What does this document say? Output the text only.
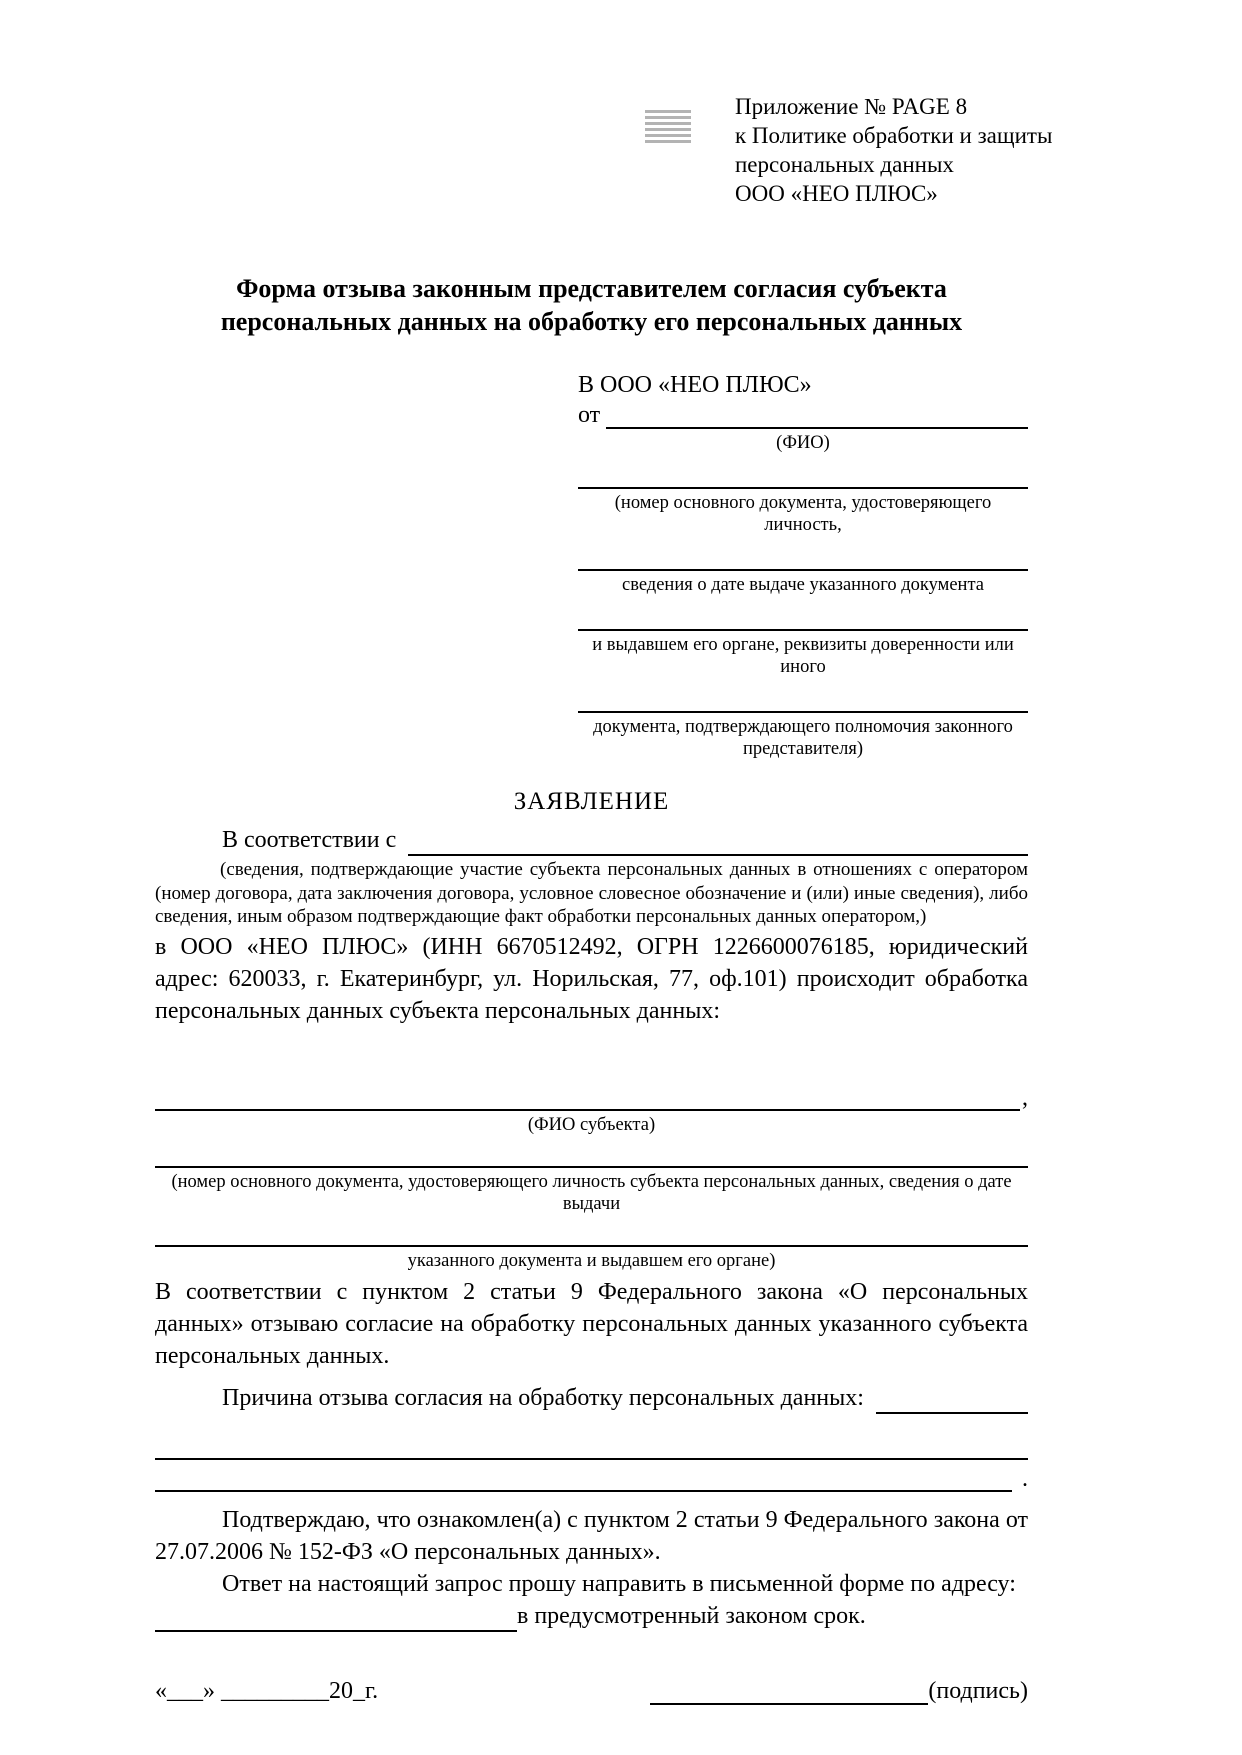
Приложение № PAGE 8
к Политике обработки и защиты
персональных данных
ООО «НЕО ПЛЮС»
Форма отзыва законным представителем согласия субъекта персональных данных на обработку его персональных данных
В ООО «НЕО ПЛЮС»
от
(ФИО)
(номер основного документа, удостоверяющего личность,
сведения о дате выдаче указанного документа
и выдавшем его органе, реквизиты доверенности или иного
документа, подтверждающего полномочия законного представителя)
ЗАЯВЛЕНИЕ
В соответствии с

(сведения, подтверждающие участие субъекта персональных данных в отношениях с оператором (номер договора, дата заключения договора, условное словесное обозначение и (или) иные сведения), либо сведения, иным образом подтверждающие факт обработки персональных данных оператором,)

в ООО «НЕО ПЛЮС» (ИНН 6670512492, ОГРН 1226600076185, юридический адрес: 620033, г. Екатеринбург, ул. Норильская, 77, оф.101) происходит обработка персональных данных субъекта персональных данных:

,
(ФИО субъекта)
(номер основного документа, удостоверяющего личность субъекта персональных данных, сведения о дате выдачи
указанного документа и выдавшем его органе)

В соответствии с пунктом 2 статьи 9 Федерального закона «О персональных данных» отзываю согласие на обработку персональных данных указанного субъекта персональных данных.

Причина отзыва согласия на обработку персональных данных:
.

Подтверждаю, что ознакомлен(а) с пунктом 2 статьи 9 Федерального закона от 27.07.2006 № 152-ФЗ «О персональных данных».

Ответ на настоящий запрос прошу направить в письменной форме по адресу:

в предусмотренный законом срок.
«___» _________20_г.	(подпись)
